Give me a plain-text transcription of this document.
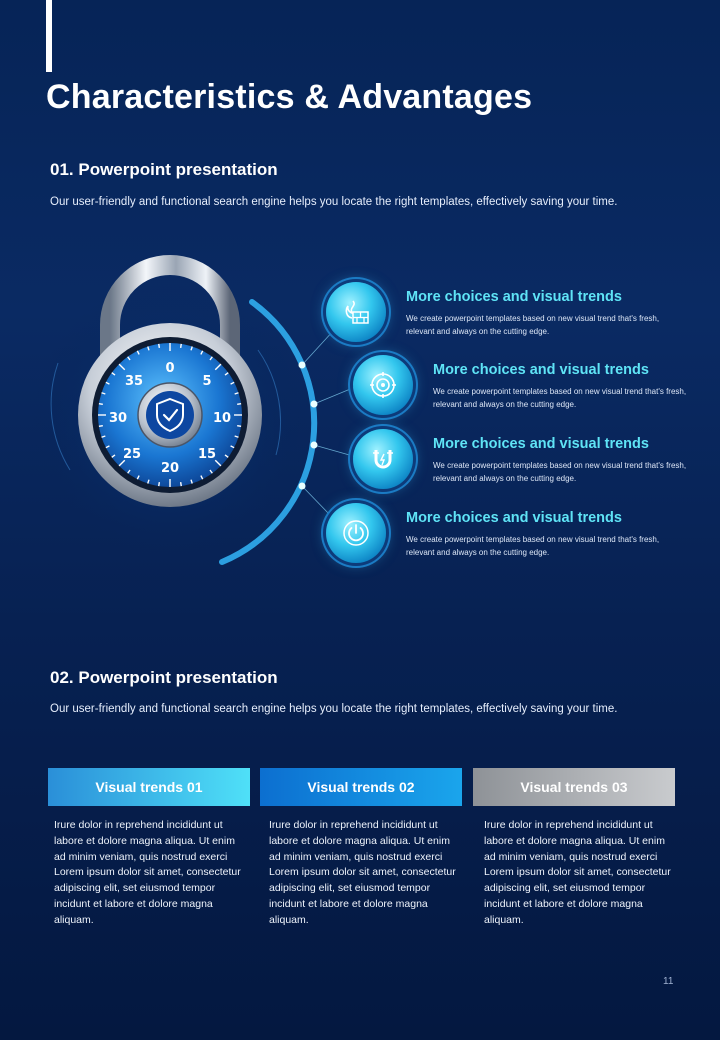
Characteristics & Advantages
01. Powerpoint presentation
Our user-friendly and functional search engine helps you locate the right templates, effectively saving your time.
0
5
10
15
20
25
30
35
More choices and visual trends
We create powerpoint templates based on new visual trend that's fresh, relevant and always on the cutting edge.
More choices and visual trends
We create powerpoint templates based on new visual trend that's fresh, relevant and always on the cutting edge.
More choices and visual trends
We create powerpoint templates based on new visual trend that's fresh, relevant and always on the cutting edge.
More choices and visual trends
We create powerpoint templates based on new visual trend that's fresh, relevant and always on the cutting edge.
02. Powerpoint presentation
Our user-friendly and functional search engine helps you locate the right templates, effectively saving your time.
Visual trends 01	Visual trends 02	Visual trends 03
Irure dolor in reprehend incididunt ut labore et dolore magna aliqua. Ut enim ad minim veniam, quis nostrud exerci Lorem ipsum dolor sit amet, consectetur adipiscing elit, set eiusmod tempor incidunt et labore et dolore magna aliquam.
Irure dolor in reprehend incididunt ut labore et dolore magna aliqua. Ut enim ad minim veniam, quis nostrud exerci Lorem ipsum dolor sit amet, consectetur adipiscing elit, set eiusmod tempor incidunt et labore et dolore magna aliquam.
Irure dolor in reprehend incididunt ut labore et dolore magna aliqua. Ut enim ad minim veniam, quis nostrud exerci Lorem ipsum dolor sit amet, consectetur adipiscing elit, set eiusmod tempor incidunt et labore et dolore magna aliquam.
11
